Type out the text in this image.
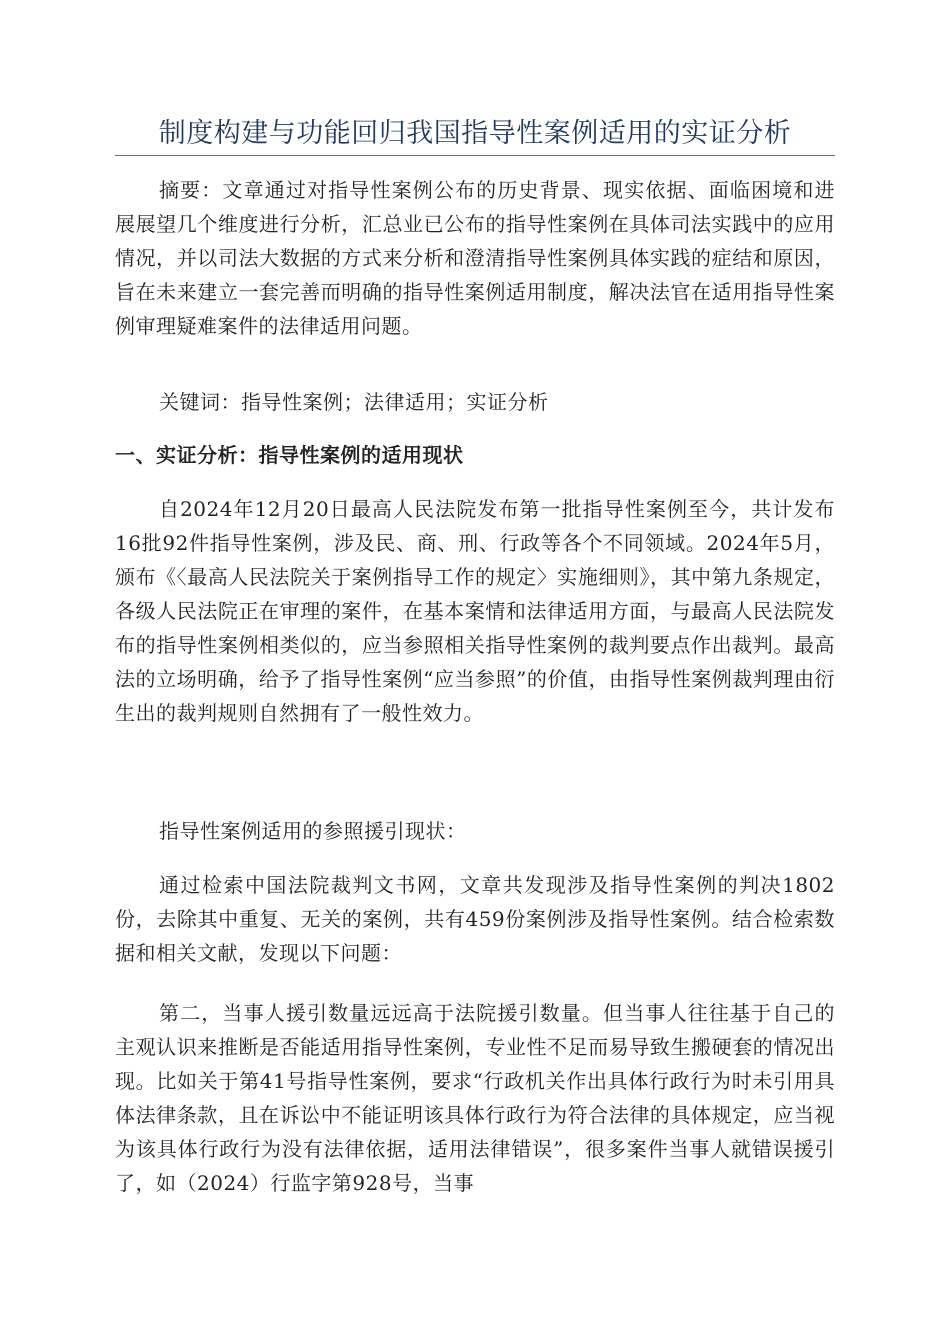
制度构建与功能回归我国指导性案例适用的实证分析

摘要：文章通过对指导性案例公布的历史背景、现实依据、面临困境和进展展望几个维度进行分析，汇总业已公布的指导性案例在具体司法实践中的应用情况，并以司法大数据的方式来分析和澄清指导性案例具体实践的症结和原因，旨在未来建立一套完善而明确的指导性案例适用制度，解决法官在适用指导性案例审理疑难案件的法律适用问题。

关键词：指导性案例；法律适用；实证分析

一、实证分析：指导性案例的适用现状

自2024年12月20日最高人民法院发布第一批指导性案例至今，共计发布16批92件指导性案例，涉及民、商、刑、行政等各个不同领域。2024年5月，颁布《〈最高人民法院关于案例指导工作的规定〉实施细则》，其中第九条规定，各级人民法院正在审理的案件，在基本案情和法律适用方面，与最高人民法院发布的指导性案例相类似的，应当参照相关指导性案例的裁判要点作出裁判。最高法的立场明确，给予了指导性案例“应当参照”的价值，由指导性案例裁判理由衍生出的裁判规则自然拥有了一般性效力。

指导性案例适用的参照援引现状：

通过检索中国法院裁判文书网，文章共发现涉及指导性案例的判决1802份，去除其中重复、无关的案例，共有459份案例涉及指导性案例。结合检索数据和相关文献，发现以下问题：

第二，当事人援引数量远远高于法院援引数量。但当事人往往基于自己的主观认识来推断是否能适用指导性案例，专业性不足而易导致生搬硬套的情况出现。比如关于第41号指导性案例，要求“行政机关作出具体行政行为时未引用具体法律条款，且在诉讼中不能证明该具体行政行为符合法律的具体规定，应当视为该具体行政行为没有法律依据，适用法律错误”，很多案件当事人就错误援引了，如（2024）行监字第928号，当事
